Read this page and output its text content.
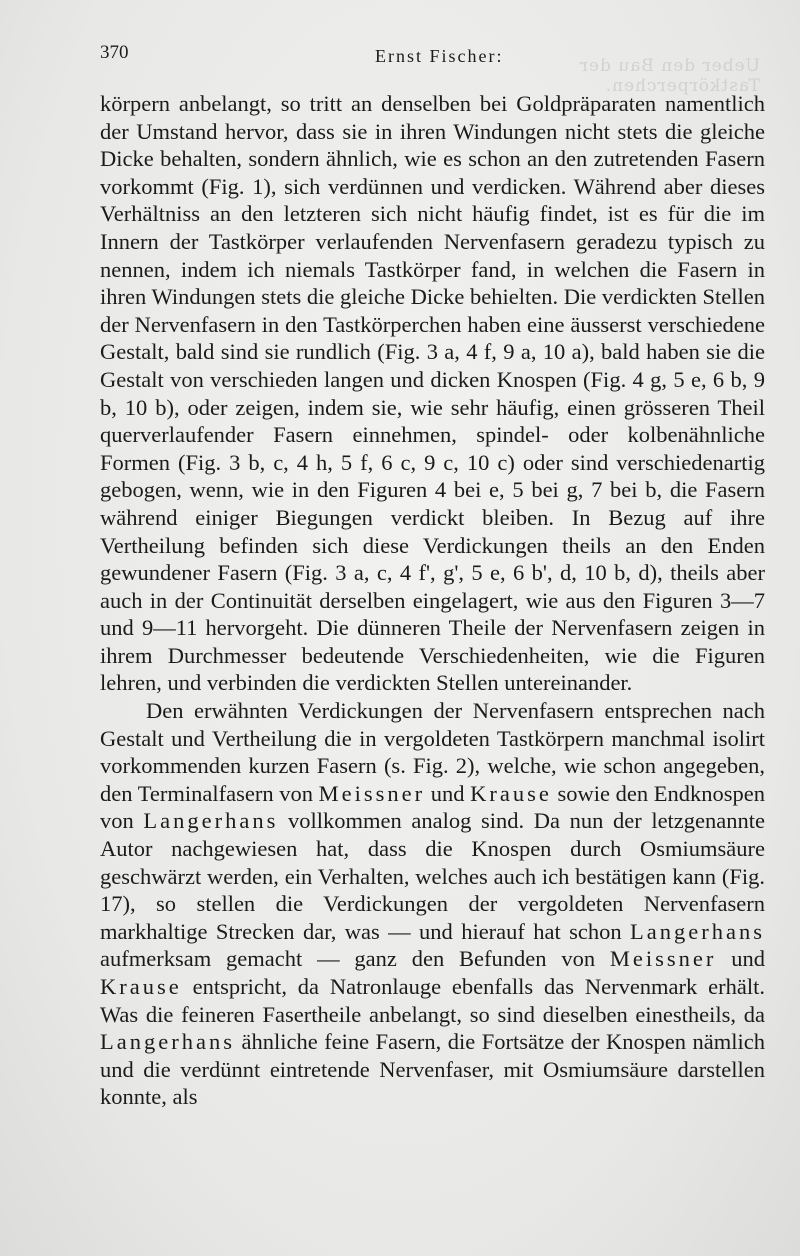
370	Ernst Fischer:	Ueber den Bau der Tastkörperchen.

körpern anbelangt, so tritt an denselben bei Goldpräparaten namentlich der Umstand hervor, dass sie in ihren Windungen nicht stets die gleiche Dicke behalten, sondern ähnlich, wie es schon an den zutretenden Fasern vorkommt (Fig. 1), sich verdünnen und verdicken. Während aber dieses Verhältniss an den letzteren sich nicht häufig findet, ist es für die im Innern der Tastkörper verlaufenden Nervenfasern geradezu typisch zu nennen, indem ich niemals Tastkörper fand, in welchen die Fasern in ihren Windungen stets die gleiche Dicke behielten. Die verdickten Stellen der Nervenfasern in den Tastkörperchen haben eine äusserst verschiedene Gestalt, bald sind sie rundlich (Fig. 3 a, 4 f, 9 a, 10 a), bald haben sie die Gestalt von verschieden langen und dicken Knospen (Fig. 4 g, 5 e, 6 b, 9 b, 10 b), oder zeigen, indem sie, wie sehr häufig, einen grösseren Theil querverlaufender Fasern einnehmen, spindel- oder kolbenähnliche Formen (Fig. 3 b, c, 4 h, 5 f, 6 c, 9 c, 10 c) oder sind verschiedenartig gebogen, wenn, wie in den Figuren 4 bei e, 5 bei g, 7 bei b, die Fasern während einiger Biegungen verdickt bleiben. In Bezug auf ihre Vertheilung befinden sich diese Verdickungen theils an den Enden gewundener Fasern (Fig. 3 a, c, 4 f', g', 5 e, 6 b', d, 10 b, d), theils aber auch in der Continuität derselben eingelagert, wie aus den Figuren 3—7 und 9—11 hervorgeht. Die dünneren Theile der Nervenfasern zeigen in ihrem Durchmesser bedeutende Verschiedenheiten, wie die Figuren lehren, und verbinden die verdickten Stellen untereinander.

Den erwähnten Verdickungen der Nervenfasern entsprechen nach Gestalt und Vertheilung die in vergoldeten Tastkörpern manchmal isolirt vorkommenden kurzen Fasern (s. Fig. 2), welche, wie schon angegeben, den Terminalfasern von Meissner und Krause sowie den Endknospen von Langerhans vollkommen analog sind. Da nun der letzgenannte Autor nachgewiesen hat, dass die Knospen durch Osmiumsäure geschwärzt werden, ein Verhalten, welches auch ich bestätigen kann (Fig. 17), so stellen die Verdickungen der vergoldeten Nervenfasern markhaltige Strecken dar, was — und hierauf hat schon Langerhans aufmerksam gemacht — ganz den Befunden von Meissner und Krause entspricht, da Natronlauge ebenfalls das Nervenmark erhält. Was die feineren Fasertheile anbelangt, so sind dieselben einestheils, da Langerhans ähnliche feine Fasern, die Fortsätze der Knospen nämlich und die verdünnt eintretende Nervenfaser, mit Osmiumsäure darstellen konnte, als
